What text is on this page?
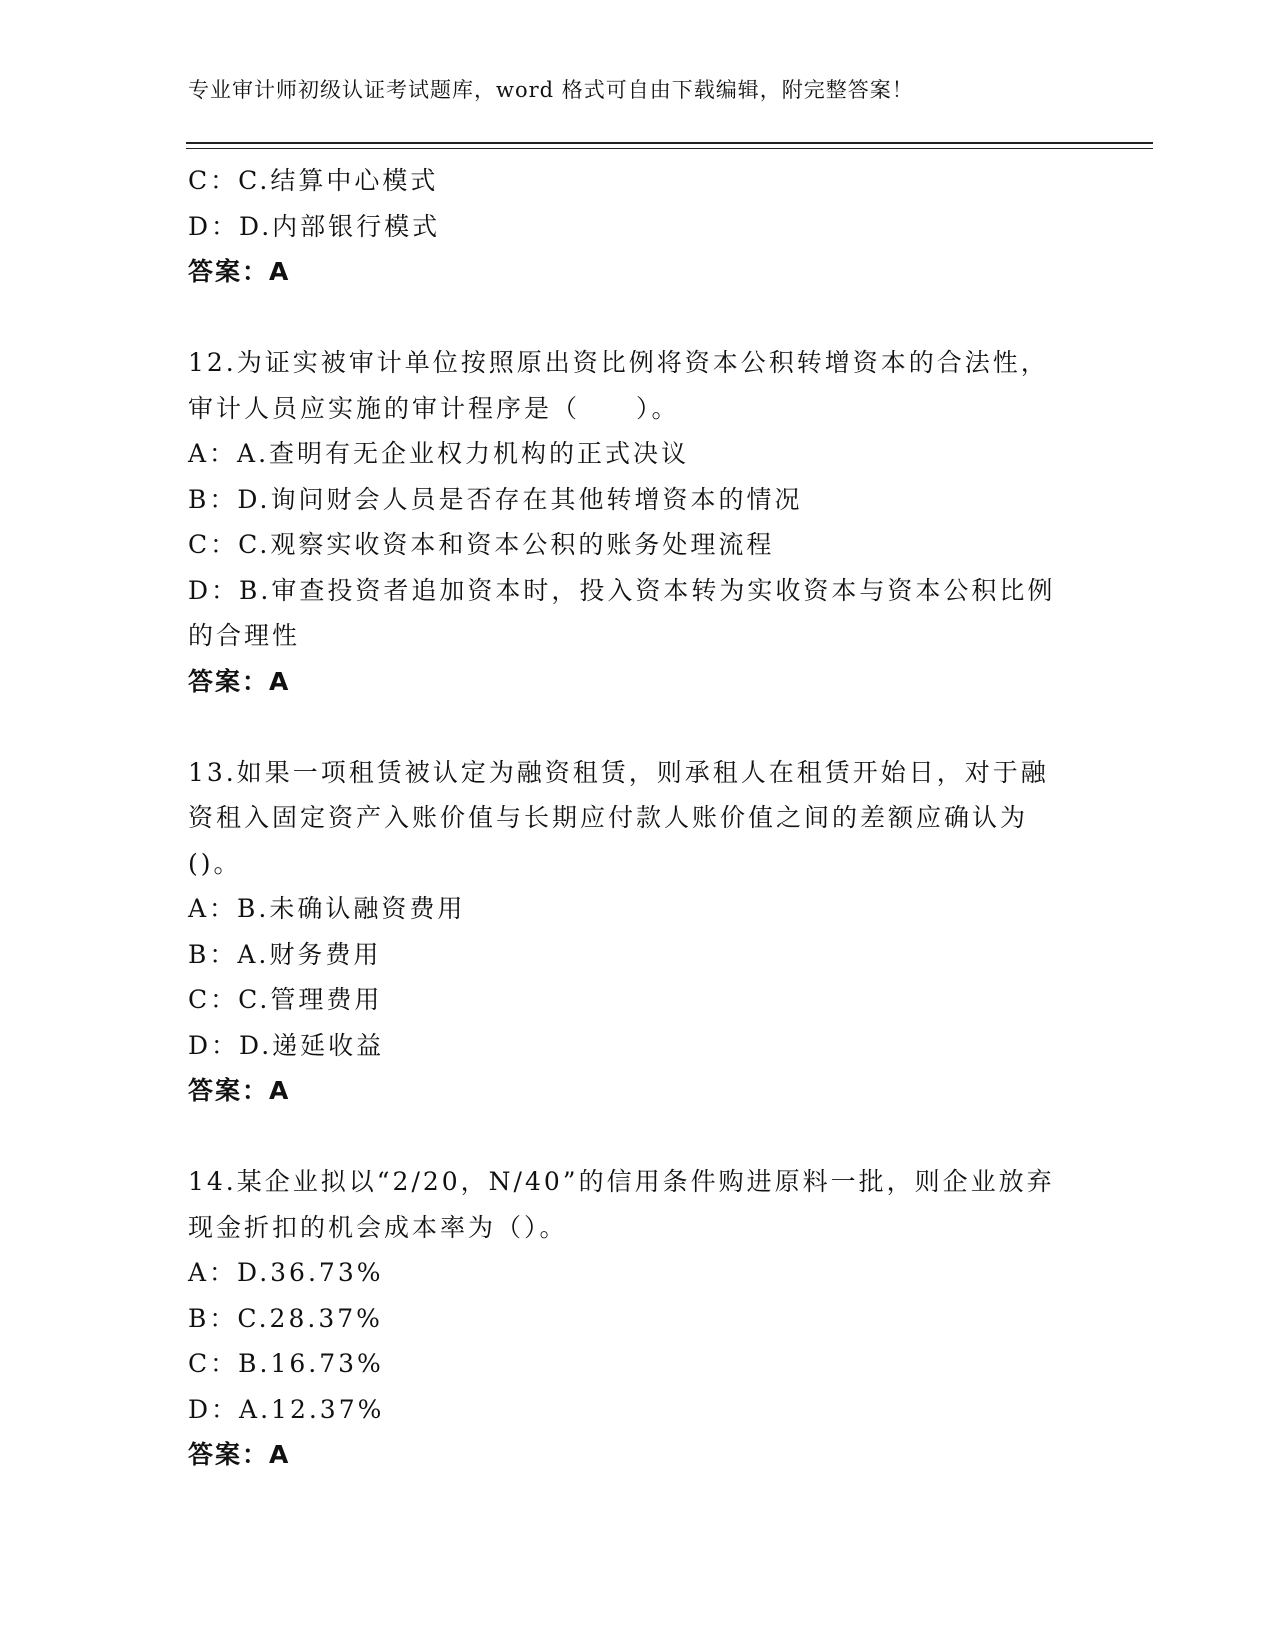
专业审计师初级认证考试题库，word 格式可自由下载编辑，附完整答案！
C：C.结算中心模式
D：D.内部银行模式
答案：A
12.为证实被审计单位按照原出资比例将资本公积转增资本的合法性，
审计人员应实施的审计程序是（　　）。
A：A.查明有无企业权力机构的正式决议
B：D.询问财会人员是否存在其他转增资本的情况
C：C.观察实收资本和资本公积的账务处理流程
D：B.审查投资者追加资本时，投入资本转为实收资本与资本公积比例
的合理性
答案：A
13.如果一项租赁被认定为融资租赁，则承租人在租赁开始日，对于融
资租入固定资产入账价值与长期应付款人账价值之间的差额应确认为
()。
A：B.未确认融资费用
B：A.财务费用
C：C.管理费用
D：D.递延收益
答案：A
14.某企业拟以“2/20，N/40”的信用条件购进原料一批，则企业放弃
现金折扣的机会成本率为（）。
A：D.36.73%
B：C.28.37%
C：B.16.73%
D：A.12.37%
答案：A
